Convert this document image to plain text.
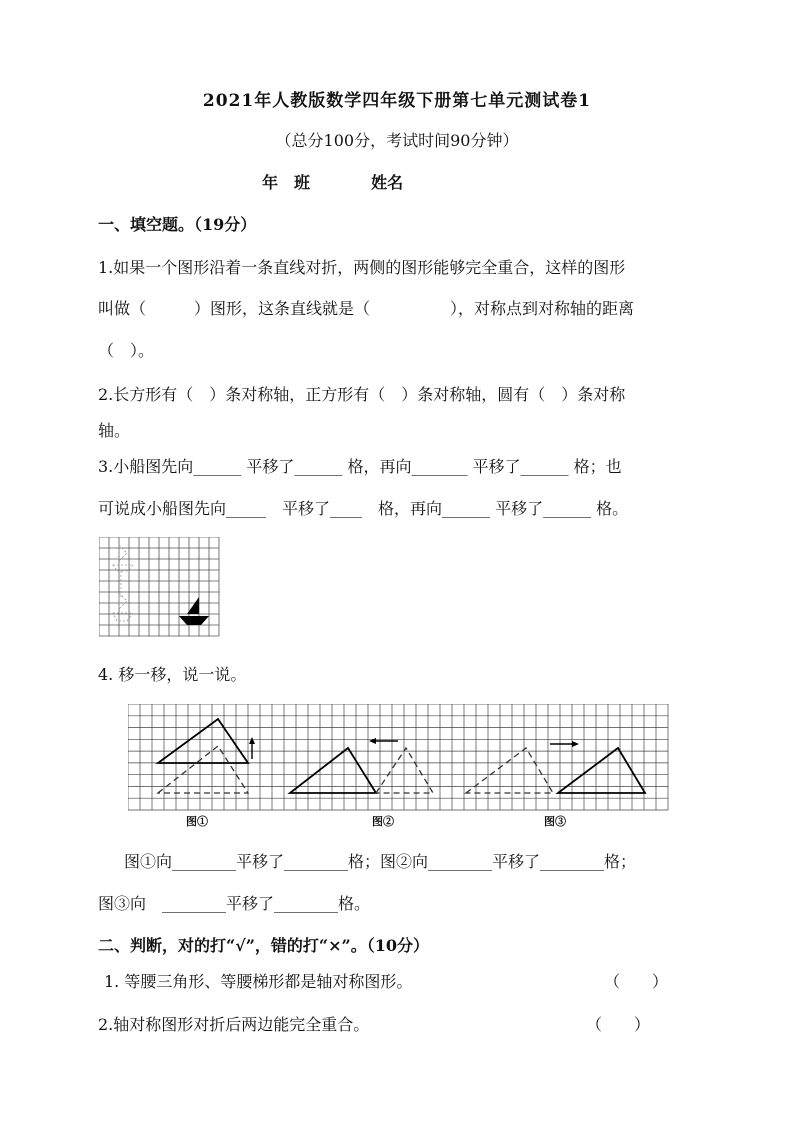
2021年人教版数学四年级下册第七单元测试卷1
（总分100分，考试时间90分钟）
年　班	姓名
一、填空题。（19分）
1.如果一个图形沿着一条直线对折，两侧的图形能够完全重合，这样的图形
叫做（　　　）图形，这条直线就是（　　　　　），对称点到对称轴的距离
（　）。
2.长方形有（　）条对称轴，正方形有（　）条对称轴，圆有（　）条对称
轴。
3.小船图先向______ 平移了______ 格，再向_______ 平移了______ 格；也
可说成小船图先向_____　平移了____　格，再向______ 平移了______ 格。
4. 移一移，说一说。
图①	图②	图③
图①向________平移了________格；图②向________平移了________格；
图③向　________平移了________格。
二、判断，对的打“√”，错的打“×”。（10分）
1. 等腰三角形、等腰梯形都是轴对称图形。	（　　）
2.轴对称图形对折后两边能完全重合。	（　　）
